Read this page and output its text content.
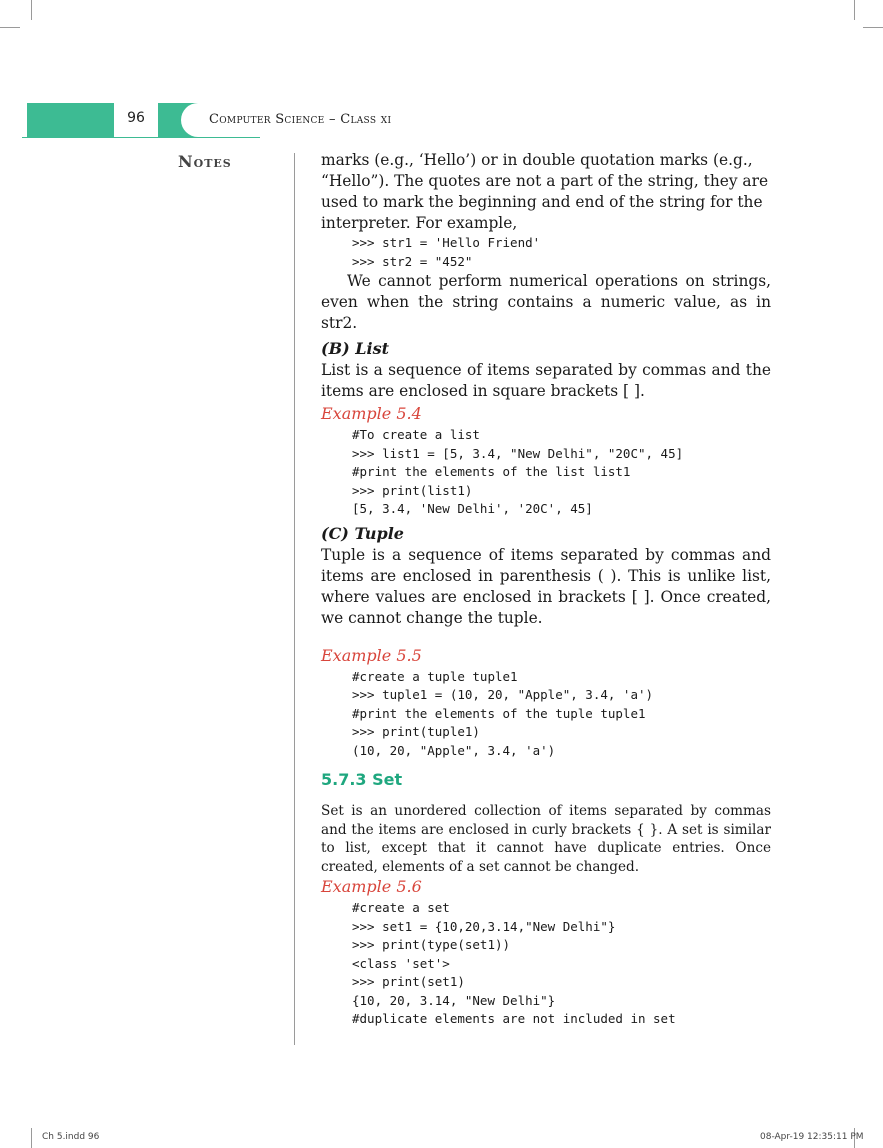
96	Computer Science – Class xi
Notes	marks (e.g., ‘Hello’) or in double quotation marks (e.g.,

“Hello”). The quotes are not a part of the string, they are

used to mark the beginning and end of the string for the

interpreter. For example,

>>> str1 = 'Hello Friend'

>>> str2 = "452"

We cannot perform numerical operations on strings, even when the string contains a numeric value, as in str2.

(B) List

List is a sequence of items separated by commas and the items are enclosed in square brackets [ ].

Example 5.4

#To create a list

>>> list1 = [5, 3.4, "New Delhi", "20C", 45]

#print the elements of the list list1

>>> print(list1)

[5, 3.4, 'New Delhi', '20C', 45]

(C) Tuple

Tuple is a sequence of items separated by commas and items are enclosed in parenthesis ( ). This is unlike list, where values are enclosed in brackets [ ]. Once created, we cannot change the tuple.

Example 5.5

#create a tuple tuple1

>>> tuple1 = (10, 20, "Apple", 3.4, 'a')

#print the elements of the tuple tuple1

>>> print(tuple1)

(10, 20, "Apple", 3.4, 'a')

5.7.3 Set

Set is an unordered collection of items separated by commas and the items are enclosed in curly brackets { }. A set is similar to list, except that it cannot have duplicate entries. Once created, elements of a set cannot be changed.

Example 5.6

#create a set

>>> set1 = {10,20,3.14,"New Delhi"}

>>> print(type(set1))

<class 'set'>

>>> print(set1)

{10, 20, 3.14, "New Delhi"}

#duplicate elements are not included in set

Ch 5.indd 96	08-Apr-19 12:35:11 PM
